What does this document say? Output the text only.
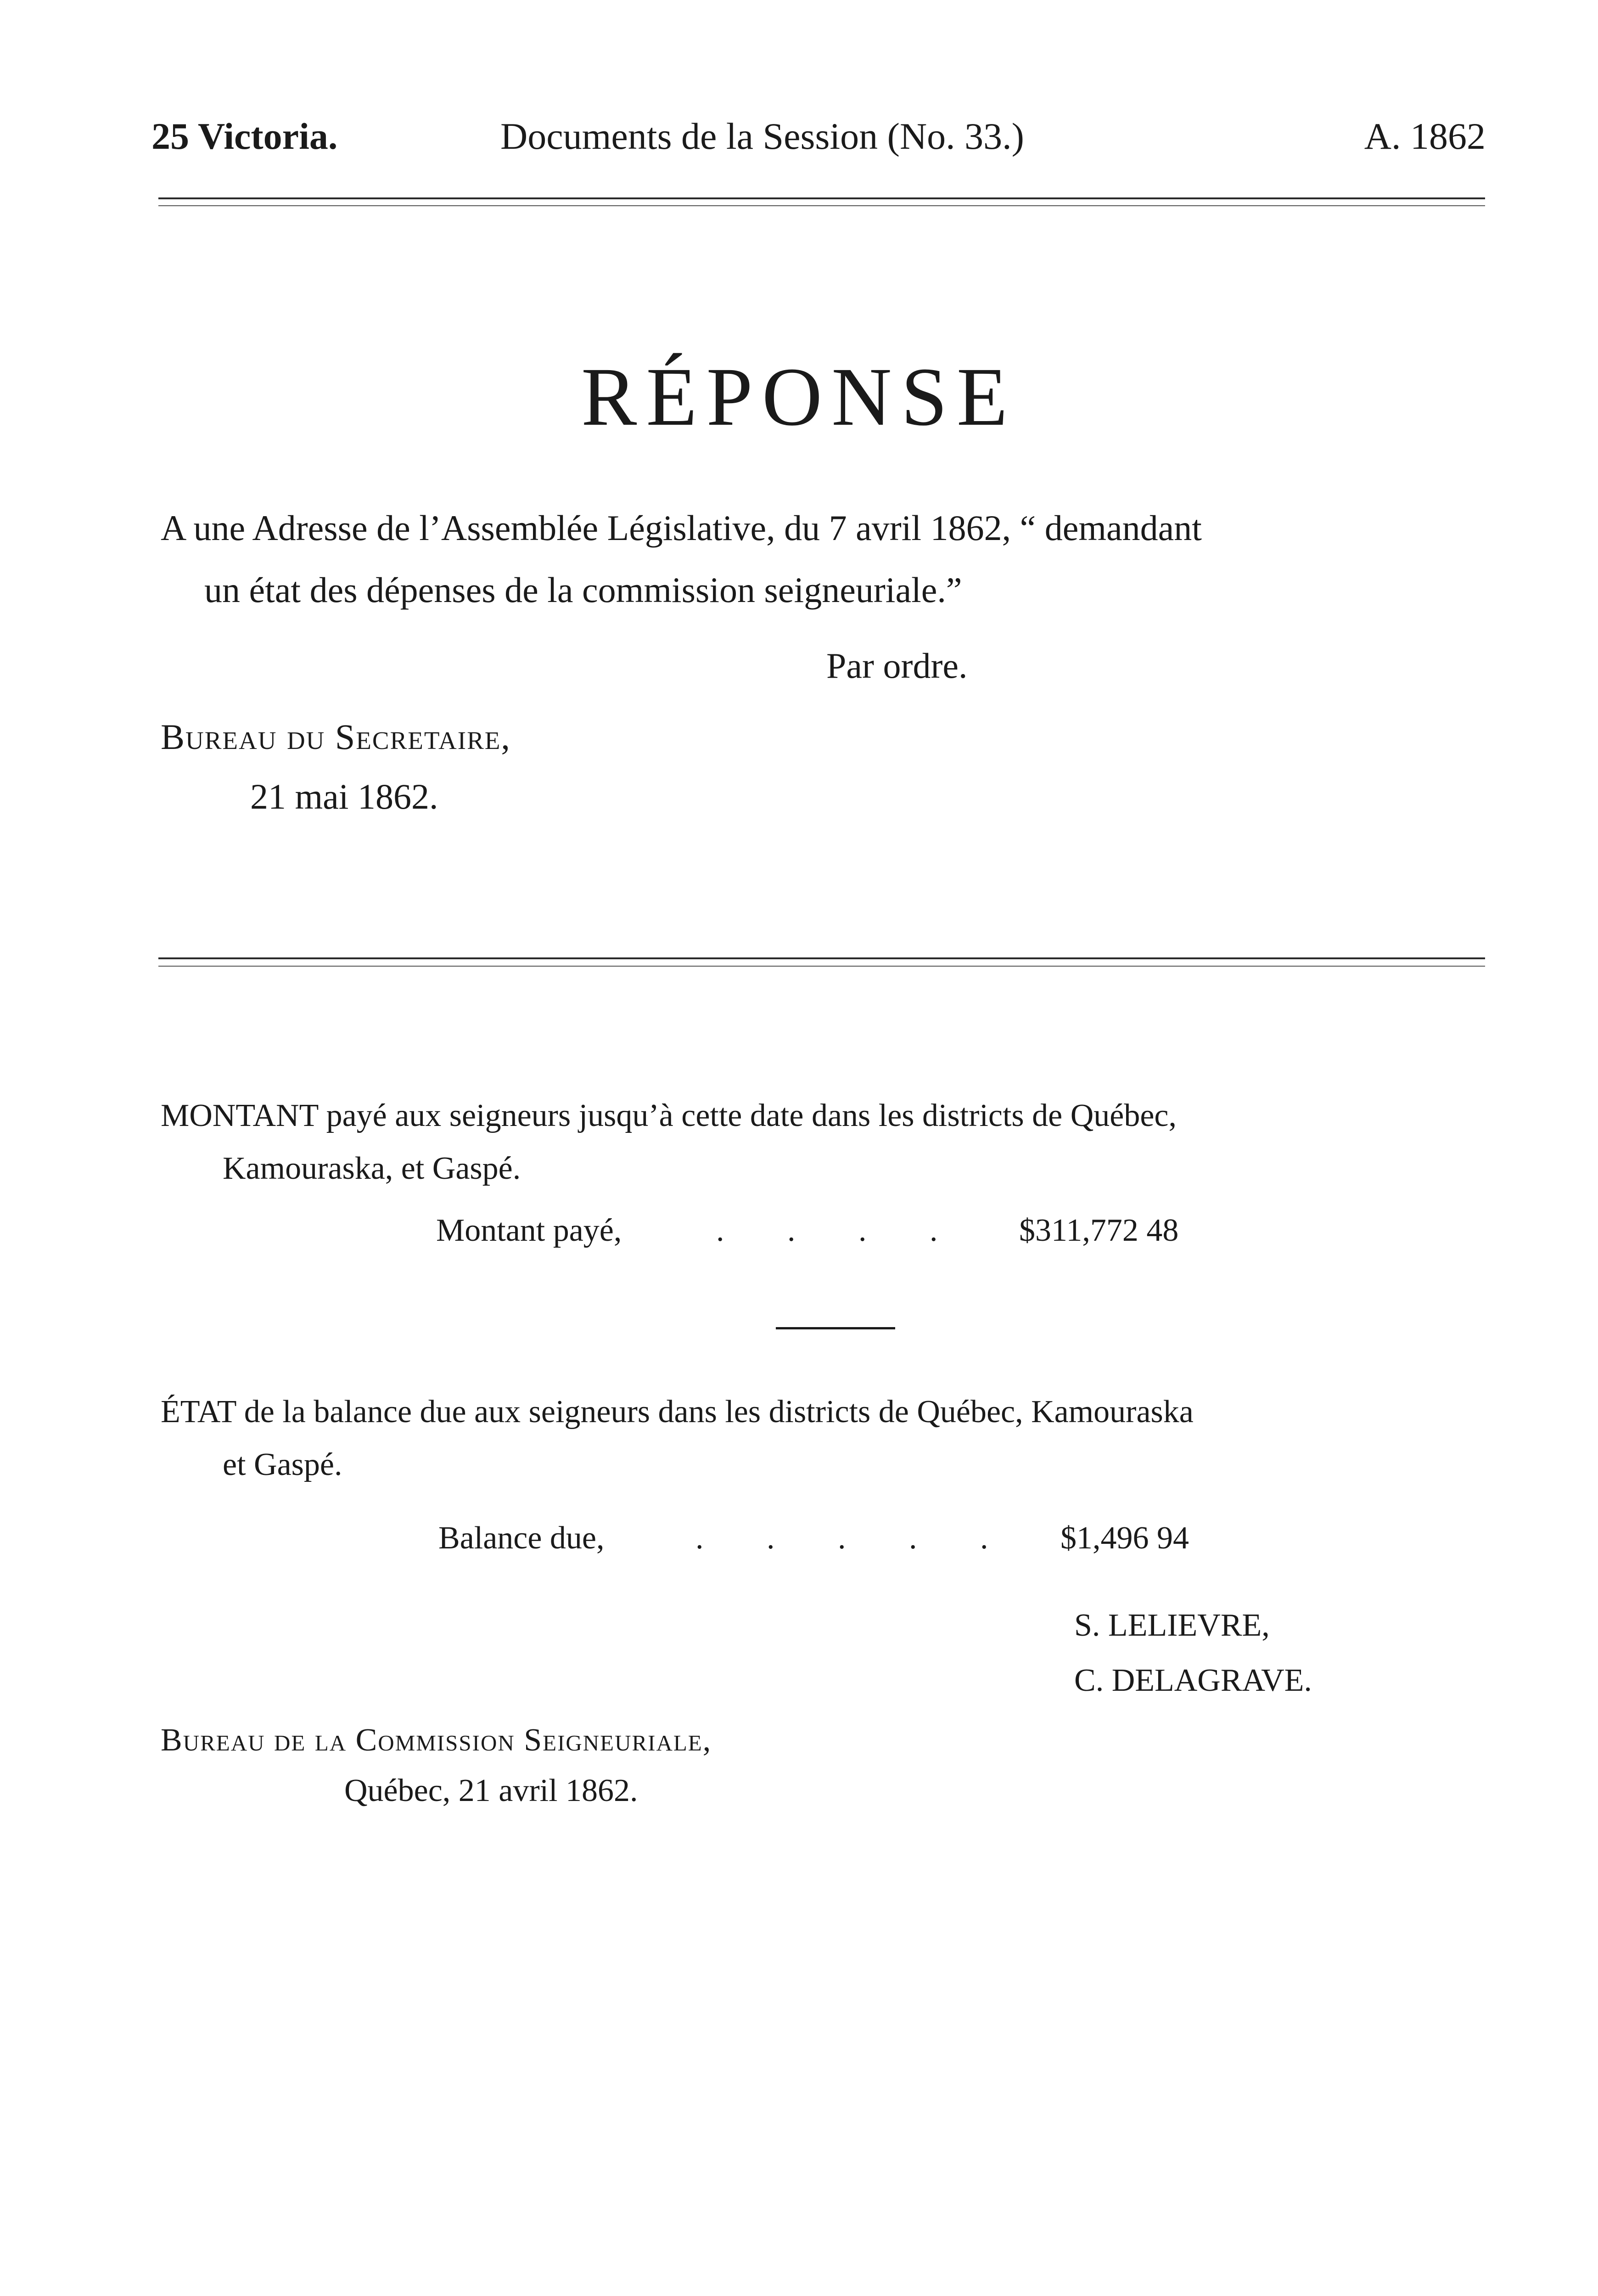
25 Victoria.	Documents de la Session (No. 33.)	A. 1862
RÉPONSE
A une Adresse de l’Assemblée Législative, du 7 avril 1862, “ demandant
un état des dépenses de la commission seigneuriale.”
Par ordre.
Bureau du Secretaire,
21 mai 1862.
MONTANT payé aux seigneurs jusqu’à cette date dans les districts de Québec,
Kamouraska, et Gaspé.
Montant payé,	. . . . $311,772 48
ÉTAT de la balance due aux seigneurs dans les districts de Québec, Kamouraska
et Gaspé.
Balance due,	. . . . . $1,496 94
S. LELIEVRE,
C. DELAGRAVE.
Bureau de la Commission Seigneuriale,
Québec, 21 avril 1862.
